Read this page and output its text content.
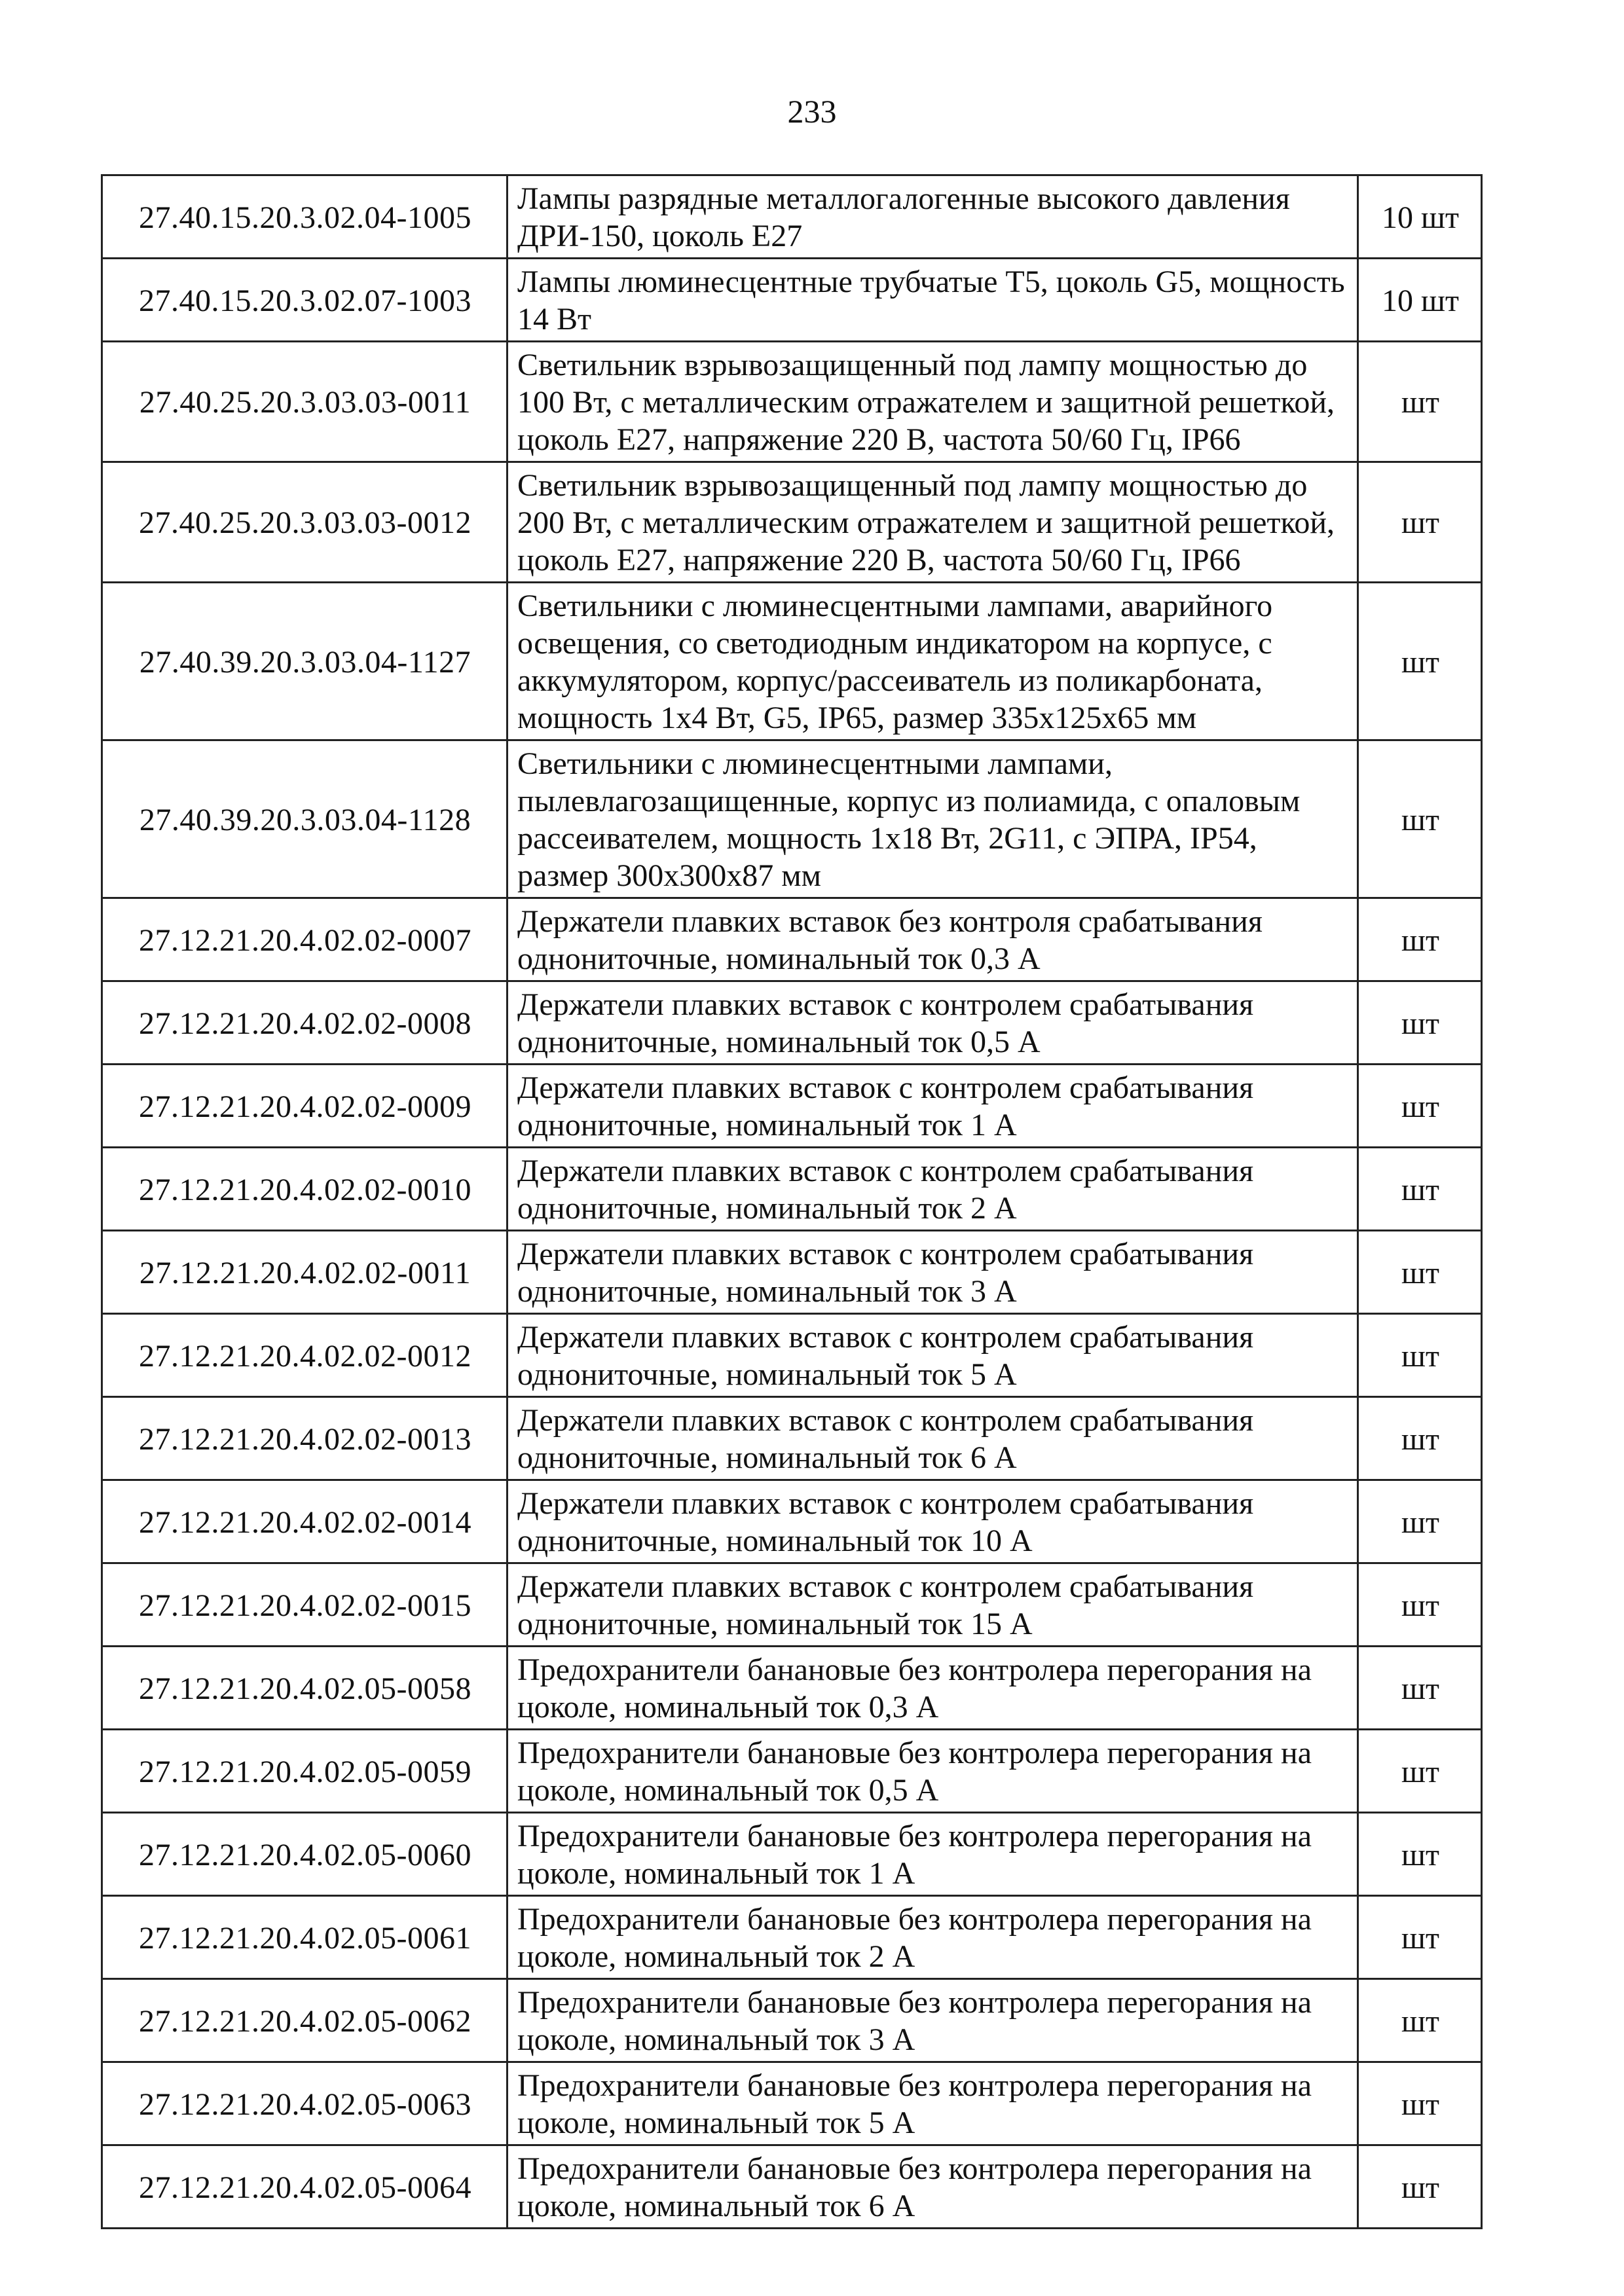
233
27.40.15.20.3.02.04-1005	Лампы разрядные металлогалогенные высокого давления ДРИ-150, цоколь Е27	10 шт
27.40.15.20.3.02.07-1003	Лампы люминесцентные трубчатые Т5, цоколь G5, мощность 14 Вт	10 шт
27.40.25.20.3.03.03-0011	Светильник взрывозащищенный под лампу мощностью до 100 Вт, с металлическим отражателем и защитной решеткой, цоколь Е27, напряжение 220 В, частота 50/60 Гц, IP66	шт
27.40.25.20.3.03.03-0012	Светильник взрывозащищенный под лампу мощностью до 200 Вт, с металлическим отражателем и защитной решеткой, цоколь Е27, напряжение 220 В, частота 50/60 Гц, IP66	шт
27.40.39.20.3.03.04-1127	Светильники с люминесцентными лампами, аварийного освещения, со светодиодным индикатором на корпусе, с аккумулятором, корпус/рассеиватель из поликарбоната, мощность 1х4 Вт, G5, IP65, размер 335х125х65 мм	шт
27.40.39.20.3.03.04-1128	Светильники с люминесцентными лампами, пылевлагозащищенные, корпус из полиамида, с опаловым рассеивателем, мощность 1х18 Вт, 2G11, с ЭПРА, IP54, размер 300х300х87 мм	шт
27.12.21.20.4.02.02-0007	Держатели плавких вставок без контроля срабатывания однониточные, номинальный ток 0,3 А	шт
27.12.21.20.4.02.02-0008	Держатели плавких вставок с контролем срабатывания однониточные, номинальный ток 0,5 А	шт
27.12.21.20.4.02.02-0009	Держатели плавких вставок с контролем срабатывания однониточные, номинальный ток 1 А	шт
27.12.21.20.4.02.02-0010	Держатели плавких вставок с контролем срабатывания однониточные, номинальный ток 2 А	шт
27.12.21.20.4.02.02-0011	Держатели плавких вставок с контролем срабатывания однониточные, номинальный ток 3 А	шт
27.12.21.20.4.02.02-0012	Держатели плавких вставок с контролем срабатывания однониточные, номинальный ток 5 А	шт
27.12.21.20.4.02.02-0013	Держатели плавких вставок с контролем срабатывания однониточные, номинальный ток 6 А	шт
27.12.21.20.4.02.02-0014	Держатели плавких вставок с контролем срабатывания однониточные, номинальный ток 10 А	шт
27.12.21.20.4.02.02-0015	Держатели плавких вставок с контролем срабатывания однониточные, номинальный ток 15 А	шт
27.12.21.20.4.02.05-0058	Предохранители банановые без контролера перегорания на цоколе, номинальный ток 0,3 А	шт
27.12.21.20.4.02.05-0059	Предохранители банановые без контролера перегорания на цоколе, номинальный ток 0,5 А	шт
27.12.21.20.4.02.05-0060	Предохранители банановые без контролера перегорания на цоколе, номинальный ток 1 А	шт
27.12.21.20.4.02.05-0061	Предохранители банановые без контролера перегорания на цоколе, номинальный ток 2 А	шт
27.12.21.20.4.02.05-0062	Предохранители банановые без контролера перегорания на цоколе, номинальный ток 3 А	шт
27.12.21.20.4.02.05-0063	Предохранители банановые без контролера перегорания на цоколе, номинальный ток 5 А	шт
27.12.21.20.4.02.05-0064	Предохранители банановые без контролера перегорания на цоколе, номинальный ток 6 А	шт
